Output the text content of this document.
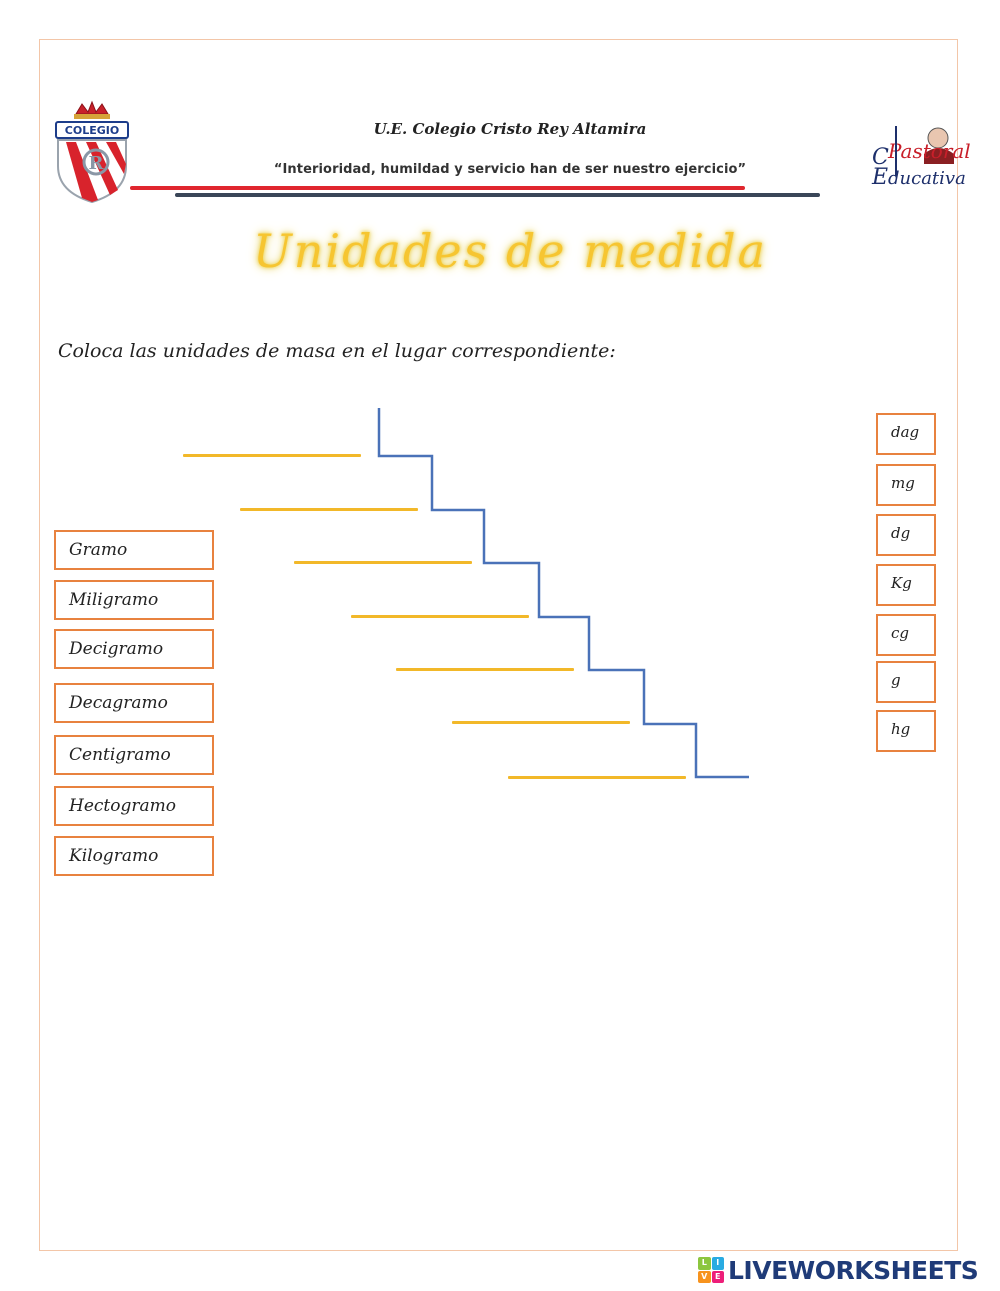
COLEGIO
R	C Pastoral
E ducativa
U.E. Colegio Cristo Rey Altamira
“Interioridad, humildad y servicio han de ser nuestro ejercicio”
Unidades de medida
Coloca las unidades de masa en el lugar correspondiente:
Gramo
Miligramo
Decigramo
Decagramo
Centigramo
Hectogramo
Kilogramo
dag
mg
dg
Kg
cg
g
hg
L	I
V E LIVEWORKSHEETS
